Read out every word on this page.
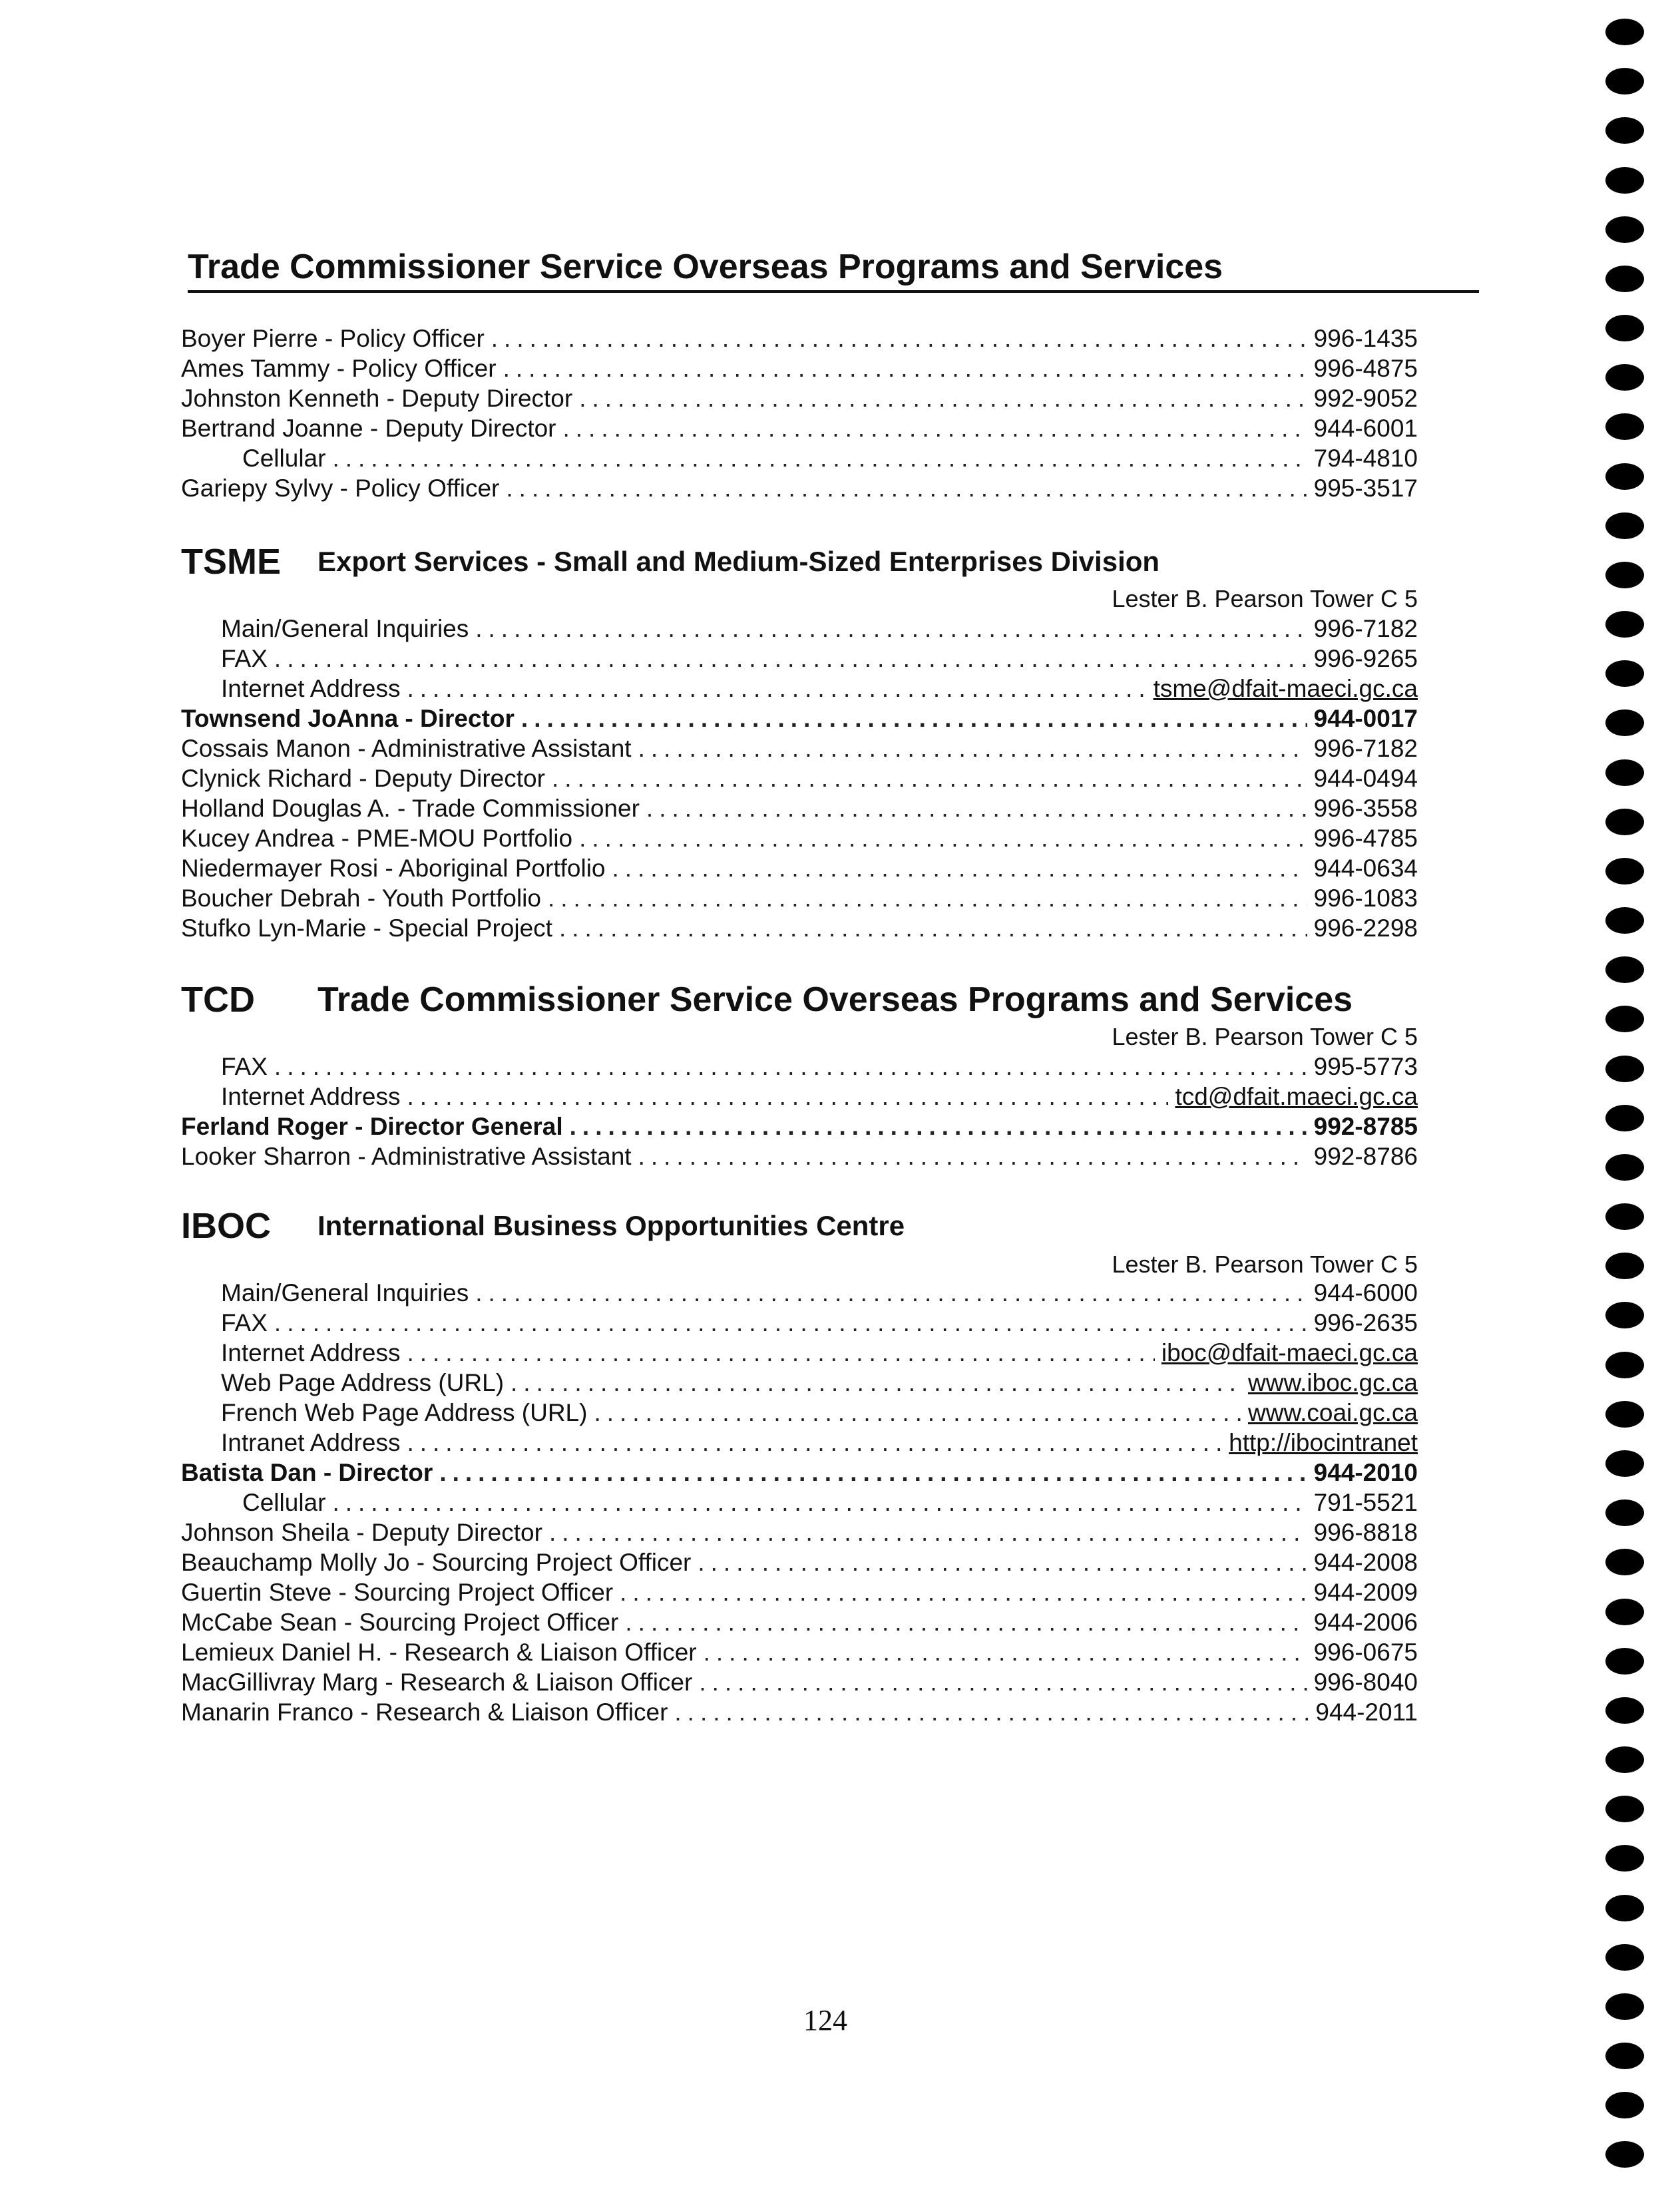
Trade Commissioner Service Overseas Programs and Services
Boyer Pierre - Policy Officer .....	996-1435
Ames Tammy - Policy Officer .....	996-4875
Johnston Kenneth - Deputy Director .....	992-9052
Bertrand Joanne - Deputy Director .....	944-6001
Cellular .....	794-4810
Gariepy Sylvy - Policy Officer .....	995-3517
TSME Export Services - Small and Medium-Sized Enterprises Division
Lester B. Pearson Tower C 5
Main/General Inquiries .....	996-7182
FAX .....	996-9265
Internet Address .....	tsme@dfait-maeci.gc.ca
Townsend JoAnna - Director .....	944-0017
Cossais Manon - Administrative Assistant .....	996-7182
Clynick Richard - Deputy Director .....	944-0494
Holland Douglas A. - Trade Commissioner .....	996-3558
Kucey Andrea - PME-MOU Portfolio .....	996-4785
Niedermayer Rosi - Aboriginal Portfolio .....	944-0634
Boucher Debrah - Youth Portfolio .....	996-1083
Stufko Lyn-Marie - Special Project .....	996-2298
TCD Trade Commissioner Service Overseas Programs and Services
Lester B. Pearson Tower C 5
FAX .....	995-5773
Internet Address .....	tcd@dfait.maeci.gc.ca
Ferland Roger - Director General .....	992-8785
Looker Sharron - Administrative Assistant .....	992-8786
IBOC International Business Opportunities Centre
Lester B. Pearson Tower C 5
Main/General Inquiries .....	944-6000
FAX .....	996-2635
Internet Address .....	iboc@dfait-maeci.gc.ca
Web Page Address (URL) .....	www.iboc.gc.ca
French Web Page Address (URL) .....	www.coai.gc.ca
Intranet Address .....	http://ibocintranet
Batista Dan - Director .....	944-2010
Cellular .....	791-5521
Johnson Sheila - Deputy Director .....	996-8818
Beauchamp Molly Jo - Sourcing Project Officer .....	944-2008
Guertin Steve - Sourcing Project Officer .....	944-2009
McCabe Sean - Sourcing Project Officer .....	944-2006
Lemieux Daniel H. - Research & Liaison Officer .....	996-0675
MacGillivray Marg - Research & Liaison Officer .....	996-8040
Manarin Franco - Research & Liaison Officer .....	944-2011
124
